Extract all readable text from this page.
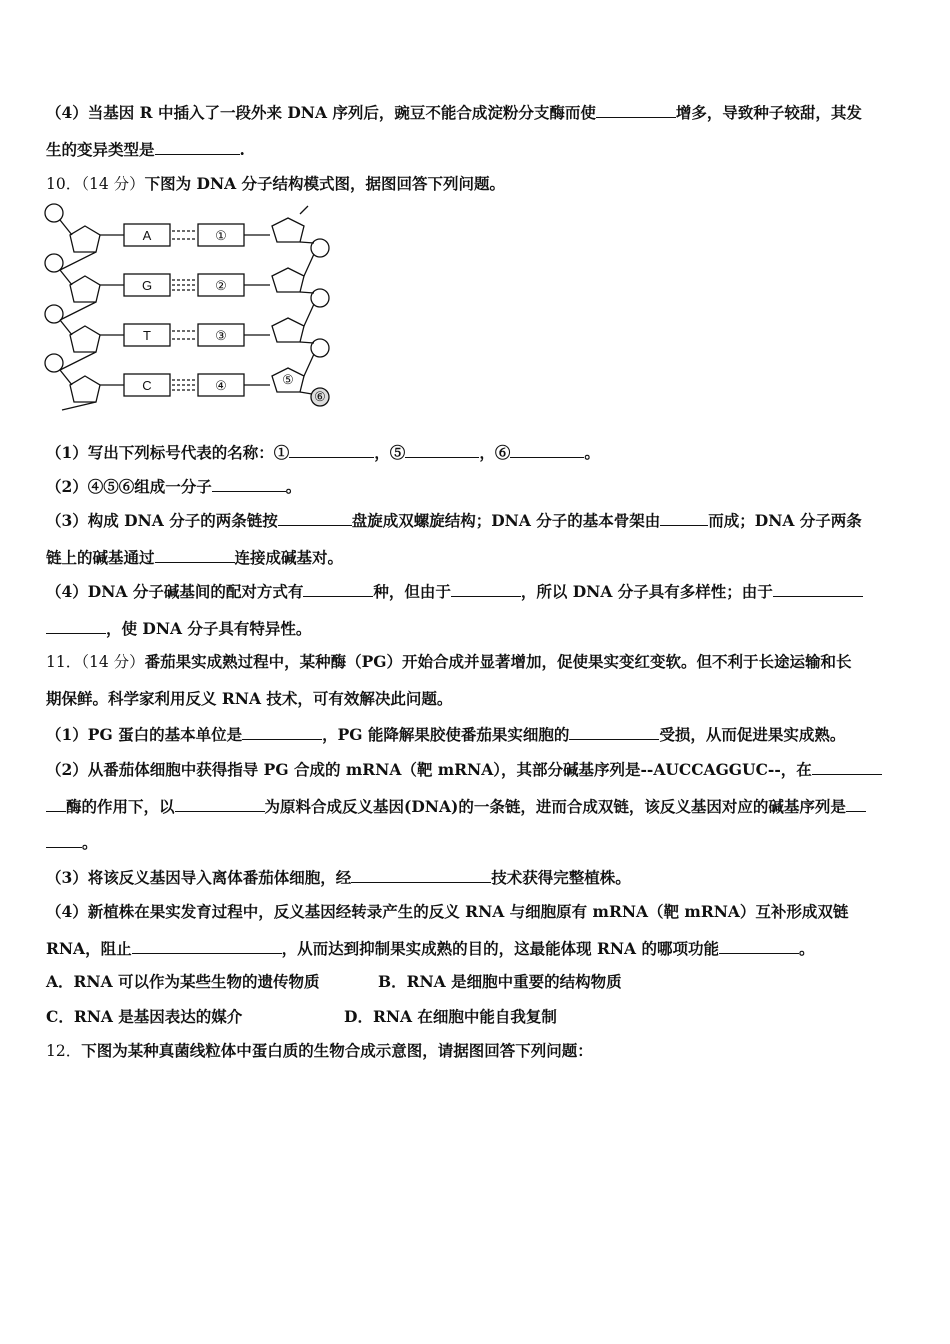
（4）当基因 R 中插入了一段外来 DNA 序列后，豌豆不能合成淀粉分支酶而使	增多，导致种子较甜，其发
生的变异类型是	.
10．（14 分）下图为 DNA 分子结构模式图，据图回答下列问题。
A
G
T
C
①
②
③
④	⑤
⑥
（1）写出下列标号代表的名称：①	，⑤	，⑥	。
（2）④⑤⑥组成一分子	。
（3）构成 DNA 分子的两条链按	盘旋成双螺旋结构；DNA 分子的基本骨架由	而成；DNA 分子两条
链上的碱基通过	连接成碱基对。
（4）DNA 分子碱基间的配对方式有	种，但由于	，所以 DNA 分子具有多样性；由于
，使 DNA 分子具有特异性。
11．（14 分）番茄果实成熟过程中，某种酶（PG）开始合成并显著增加，促使果实变红变软。但不利于长途运输和长
期保鲜。科学家利用反义 RNA 技术，可有效解决此问题。
（1）PG 蛋白的基本单位是	，PG 能降解果胶使番茄果实细胞的	受损，从而促进果实成熟。
（2）从番茄体细胞中获得指导 PG 合成的 mRNA（靶 mRNA），其部分碱基序列是--AUCCAGGUC--，在
酶的作用下，以	为原料合成反义基因(DNA)的一条链，进而合成双链，该反义基因对应的碱基序列是
。
（3）将该反义基因导入离体番茄体细胞，经	技术获得完整植株。
（4）新植株在果实发育过程中，反义基因经转录产生的反义 RNA 与细胞原有 mRNA（靶 mRNA）互补形成双链
RNA，阻止	，从而达到抑制果实成熟的目的，这最能体现 RNA 的哪项功能	。
A．RNA 可以作为某些生物的遗传物质	B．RNA 是细胞中重要的结构物质
C．RNA 是基因表达的媒介	D．RNA 在细胞中能自我复制
12．下图为某种真菌线粒体中蛋白质的生物合成示意图，请据图回答下列问题：
